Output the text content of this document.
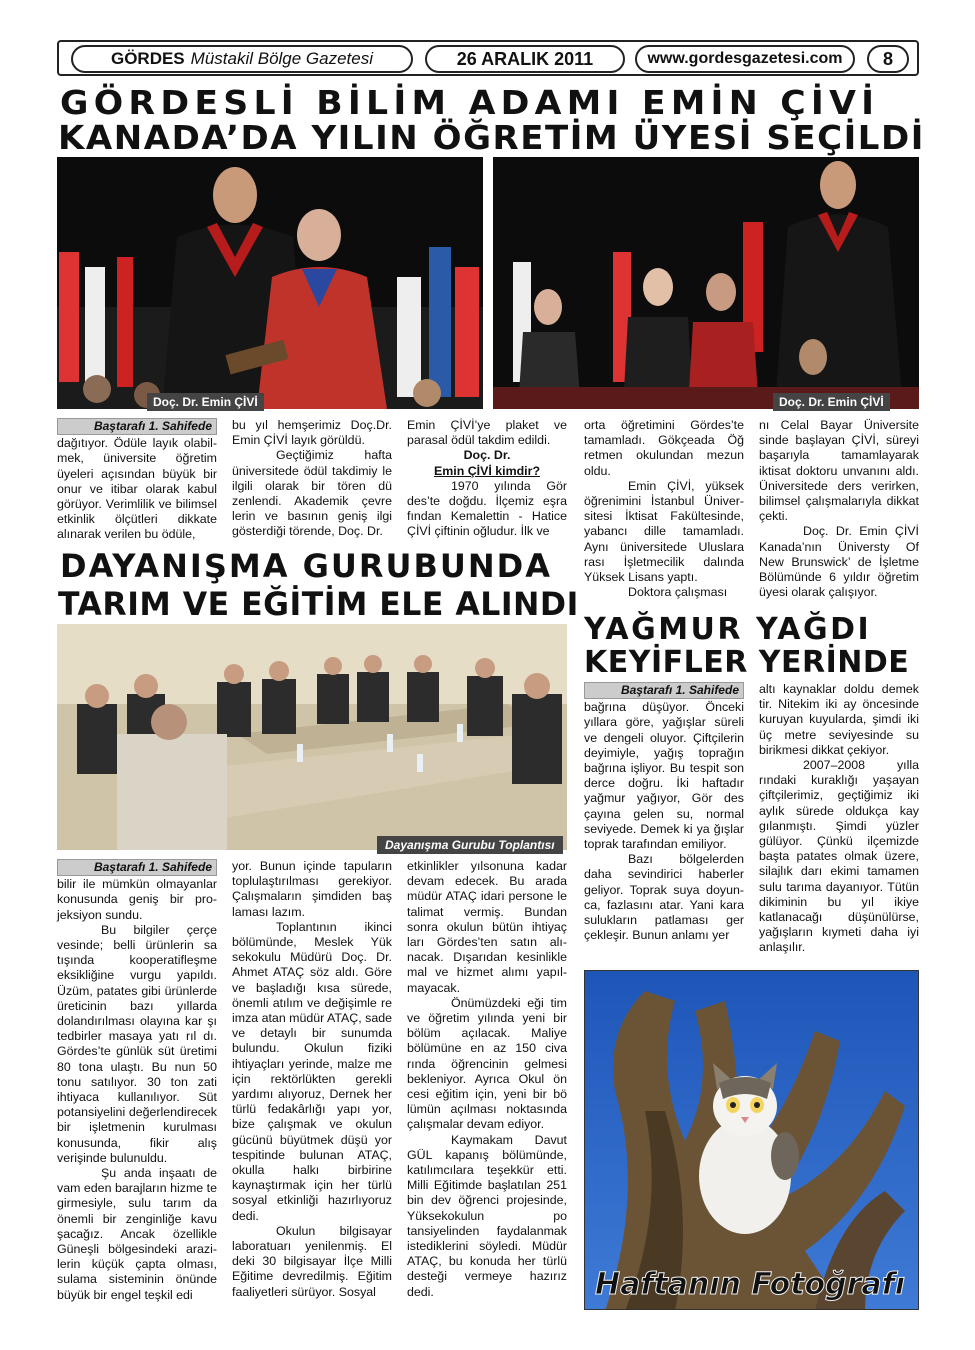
GÖRDES Müstakil Bölge Gazetesi	26 ARALIK 2011	www.gordesgazetesi.com	8
GÖRDESLİ BİLİM ADAMI EMİN ÇİVİ
KANADA’DA YILIN ÖĞRETİM ÜYESİ SEÇİLDİ
Doç. Dr. Emin ÇİVİ	Doç. Dr. Emin ÇİVİ
Baştarafı 1. Sahifede

dağıtıyor. Ödüle layık olabilmek, üniversite öğretim üyeleri açısından büyük bir onur ve itibar olarak kabul görüyor. Verimlilik ve bilimsel etkinlik ölçütleri dikkate alınarak verilen bu ödüle,

bu yıl hemşerimiz Doç.Dr. Emin ÇİVİ layık görüldü.

Geçtiğimiz hafta üniversitede ödül takdimiy le ilgili olarak bir tören dü zenlendi. Akademik çevre lerin ve basının geniş ilgi gösterdiği törende, Doç. Dr.

Emin ÇİVİ’ye plaket ve parasal ödül takdim edildi.

Doç. Dr.

Emin ÇİVİ kimdir?

1970 yılında Gör des’te doğdu. İlçemiz eşra fından Kemalettin - Hatice ÇİVİ çiftinin oğludur. İlk ve

orta öğretimini Gördes’te tamamladı. Gökçeada Öğ retmen okulundan mezun oldu.

Emin ÇİVİ, yüksek öğrenimini İstanbul Üniversitesi İktisat Fakültesinde, yabancı dille tamamladı. Aynı üniversitede Uluslara rası İşletmecilik dalında Yüksek Lisans yaptı.

Doktora çalışması

nı Celal Bayar Üniversite sinde başlayan ÇİVİ, süreyi başarıyla tamamlayarak iktisat doktoru unvanını aldı. Üniversitede ders verirken, bilimsel çalışmalarıyla dikkat çekti.

Doç. Dr. Emin ÇİVİ Kanada’nın Üniversty Of New Brunswick’ de İşletme Bölümünde 6 yıldır öğretim üyesi olarak çalışıyor.

DAYANIŞMA GURUBUNDA
TARIM VE EĞİTİM ELE ALINDI
Dayanışma Gurubu Toplantısı
Baştarafı 1. Sahifede

bilir ile mümkün olmayanlar konusunda geniş bir projeksiyon sundu.

Bu bilgiler çerçe vesinde; belli ürünlerin sa tışında kooperatifleşme eksikliğine vurgu yapıldı. Üzüm, patates gibi ürünlerde üreticinin bazı yıllarda dolandırılması olayına kar şı tedbirler masaya yatı rıl dı. Gördes’te günlük süt üretimi 80 tona ulaştı. Bu nun 50 tonu satılıyor. 30 ton zati ihtiyaca kullanılıyor. Süt potansiyelini değerlendirecek bir işletmenin kurulması konusunda, fikir alış verişinde bulunuldu.

Şu anda inşaatı de vam eden barajların hizme te girmesiyle, sulu tarım da önemli bir zenginliğe kavu şacağız. Ancak özellikle Güneşli bölgesindeki arazilerin küçük çapta olması, sulama sisteminin önünde büyük bir engel teşkil edi

yor. Bunun içinde tapuların toplulaştırılması gerekiyor. Çalışmaların şimdiden baş laması lazım.

Toplantının ikinci bölümünde, Meslek Yük sekokulu Müdürü Doç. Dr. Ahmet ATAÇ söz aldı. Göre ve başladığı kısa sürede, önemli atılım ve değişimle re imza atan müdür ATAÇ, sade ve detaylı bir sunumda bulundu. Okulun fiziki ihtiyaçları yerinde, malze me için rektörlükten gerekli yardımı alıyoruz, Dernek her türlü fedakârlığı yapı yor, bize çalışmak ve okulun gücünü büyütmek düşü yor tespitinde bulunan ATAÇ, okulla halkı birbirine kaynaştırmak için her türlü sosyal etkinliği hazırlıyoruz dedi.

Okulun bilgisayar laboratuarı yenilenmiş. El deki 30 bilgisayar İlçe Milli Eğitime devredilmiş. Eğitim faaliyetleri sürüyor. Sosyal

etkinlikler yılsonuna kadar devam edecek. Bu arada müdür ATAÇ idari persone le talimat vermiş. Bundan sonra okulun bütün ihtiyaç ları Gördes’ten satın alınacak. Dışarıdan kesinlikle mal ve hizmet alımı yapılmayacak.

Önümüzdeki eği tim ve öğretim yılında yeni bir bölüm açılacak. Maliye bölümüne en az 150 civa rında öğrencinin gelmesi bekleniyor. Ayrıca Okul ön cesi eğitim için, yeni bir bö lümün açılması noktasında çalışmalar devam ediyor.

Kaymakam Davut GÜL kapanış bölümünde, katılımcılara teşekkür etti. Milli Eğitimde başlatılan 251 bin dev öğrenci projesinde, Yüksekokulun po tansiyelinden faydalanmak istediklerini söyledi. Müdür ATAÇ, bu konuda her türlü desteği vermeye hazırız dedi.

YAĞMUR YAĞDI
KEYİFLER YERİNDE
Baştarafı 1. Sahifede

bağrına düşüyor. Önceki yıllara göre, yağışlar süreli ve dengeli oluyor. Çiftçilerin deyimiyle, yağış toprağın bağrına işliyor. Bu tespit son derce doğru. İki haftadır yağmur yağıyor, Gör des çayına gelen su, normal seviyede. Demek ki ya ğışlar toprak tarafından emiliyor.

Bazı bölgelerden daha sevindirici haberler geliyor. Toprak suya doyunca, fazlasını atar. Yani kara sulukların patlaması ger çekleşir. Bunun anlamı yer

altı kaynaklar doldu demek tir. Nitekim iki ay öncesinde kuruyan kuyularda, şimdi iki üç metre seviyesinde su birikmesi dikkat çekiyor.

2007–2008 yılla rındaki kuraklığı yaşayan çiftçilerimiz, geçtiğimiz iki aylık sürede oldukça kay gılanmıştı. Şimdi yüzler gülüyor. Çünkü ilçemizde başta patates olmak üzere, silajlık darı ekimi tamamen sulu tarıma dayanıyor. Tütün dikiminin bu yıl ikiye katlanacağı düşünülürse, yağışların kıymeti daha iyi anlaşılır.

Haftanın Fotoğrafı
